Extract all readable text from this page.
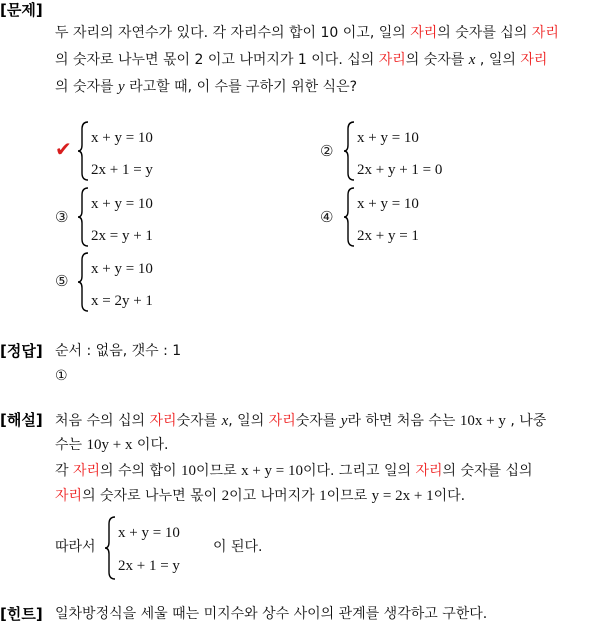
[문제]
두 자리의 자연수가 있다. 각 자리수의 합이 10 이고, 일의 자리의 숫자를 십의 자리
의 숫자로 나누면 몫이 2 이고 나머지가 1 이다. 십의 자리의 숫자를 x , 일의 자리
의 숫자를 y 라고할 때, 이 수를 구하기 위한 식은?
✔ x + y = 10
2x + 1 = y
②
x + y = 10
2x + y + 1 = 0
③
x + y = 10
2x = y + 1
④
x + y = 10
2x + y = 1
⑤
x + y = 10
x = 2y + 1
[정답] 순서 : 없음, 갯수 : 1
①
[해설] 처음 수의 십의 자리숫자를 x, 일의 자리숫자를 y라 하면 처음 수는 10x + y , 나중
수는 10y + x 이다.
각 자리의 수의 합이 10이므로 x + y = 10이다. 그리고 일의 자리의 숫자를 십의
자리의 숫자로 나누면 몫이 2이고 나머지가 1이므로 y = 2x + 1이다.
따라서
x + y = 10
2x + 1 = y
이 된다.
[힌트] 일차방정식을 세울 때는 미지수와 상수 사이의 관계를 생각하고 구한다.
